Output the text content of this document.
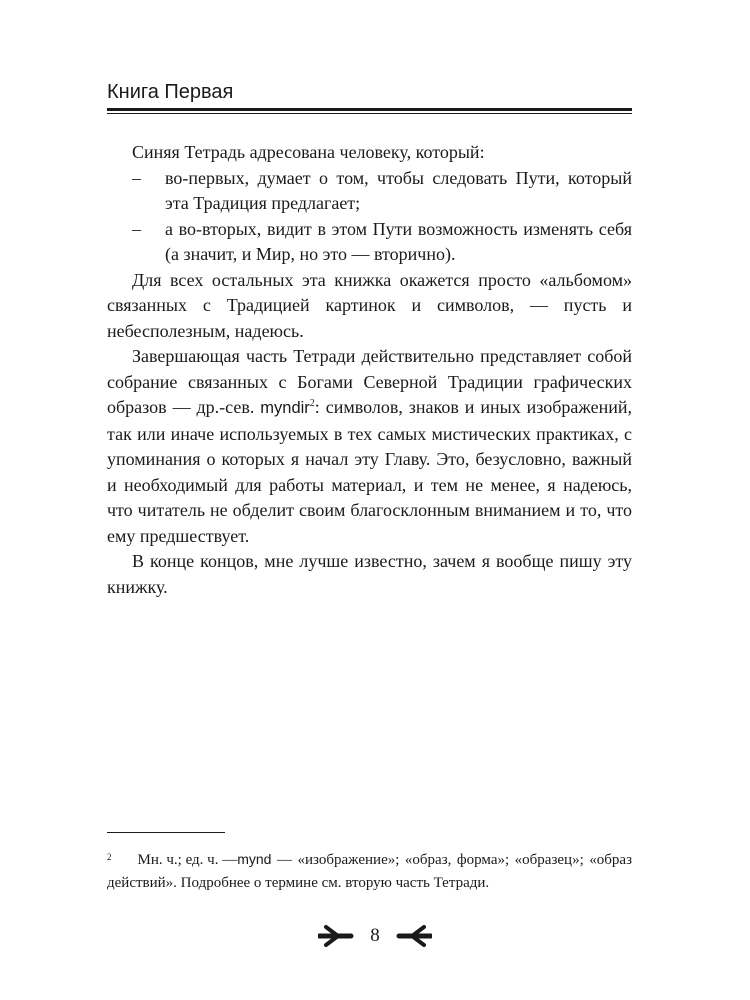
Книга Первая

Синяя Тетрадь адресована человеку, который:

– во-первых, думает о том, чтобы следовать Пути, который эта Традиция предлагает;

– а во-вторых, видит в этом Пути возможность изменять себя (а значит, и Мир, но это — вторично).

Для всех остальных эта книжка окажется просто «альбомом» связанных с Традицией картинок и символов, — пусть и небесполезным, надеюсь.

Завершающая часть Тетради действительно представляет собой собрание связанных с Богами Северной Традиции графических образов — др.-сев. myndir$^2$: символов, знаков и иных изображений, так или иначе используемых в тех самых мистических практиках, с упоминания о которых я начал эту Главу. Это, безусловно, важный и необходимый для работы материал, и тем не менее, я надеюсь, что читатель не обделит своим благосклонным вниманием и то, что ему предшествует.

В конце концов, мне лучше известно, зачем я вообще пишу эту книжку.

$^2$ Мн. ч.; ед. ч. —mynd — «изображение»; «образ, форма»; «образец»; «образ действий». Подробнее о термине см. вторую часть Тетради.
8
